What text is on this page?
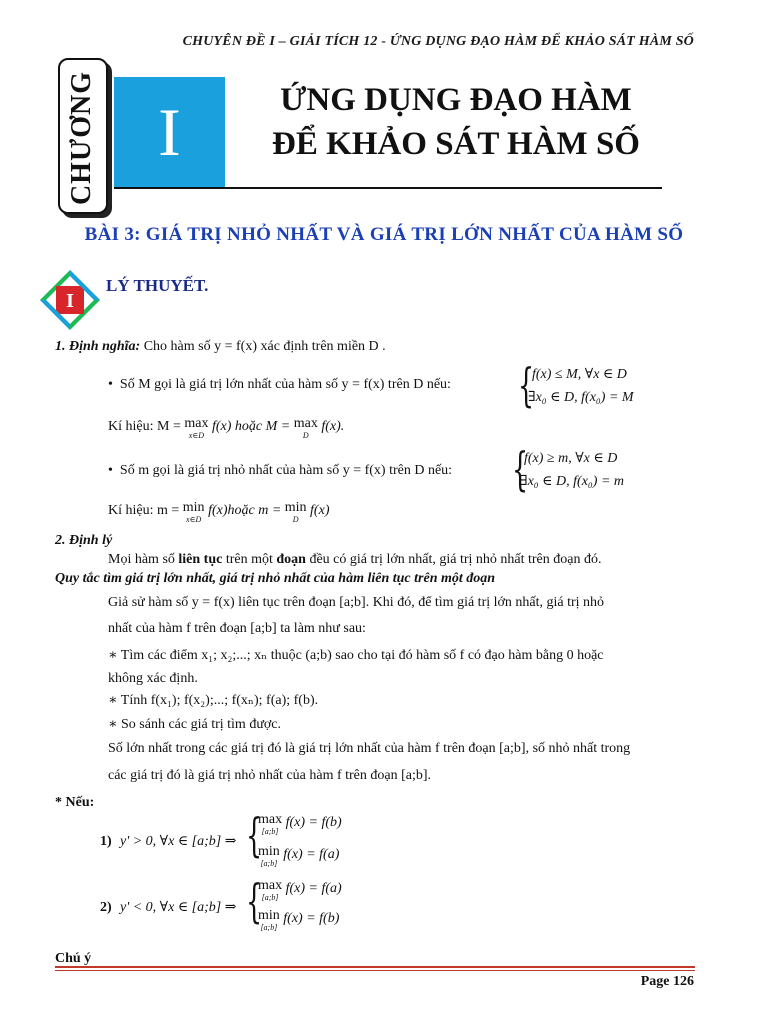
CHUYÊN ĐỀ I – GIẢI TÍCH 12 - ỨNG DỤNG ĐẠO HÀM ĐỂ KHẢO SÁT HÀM SỐ
CHƯƠNG I	ỨNG DỤNG ĐẠO HÀM
ĐỂ KHẢO SÁT HÀM SỐ
BÀI 3: GIÁ TRỊ NHỎ NHẤT VÀ GIÁ TRỊ LỚN NHẤT CỦA HÀM SỐ
I
LÝ THUYẾT.
1. Định nghĩa: Cho hàm số y = f(x) xác định trên miền D .
•  Số M gọi là giá trị lớn nhất của hàm số y = f(x) trên D nếu: {
f(x) ≤ M, ∀x ∈ D
∃x₀ ∈ D, f(x₀) = M
Kí hiệu: M = max
x∈D
f(x) hoặc M = max
D
f(x).
•  Số m gọi là giá trị nhỏ nhất của hàm số y = f(x) trên D nếu: {
f(x) ≥ m, ∀x ∈ D
∃x₀ ∈ D, f(x₀) = m
Kí hiệu: m = min
x∈D
f(x)hoặc m = min
D
f(x)
2. Định lý
Mọi hàm số liên tục trên một đoạn đều có giá trị lớn nhất, giá trị nhỏ nhất trên đoạn đó.
Quy tắc tìm giá trị lớn nhất, giá trị nhỏ nhất của hàm liên tục trên một đoạn
Giả sử hàm số y = f(x) liên tục trên đoạn [a;b]. Khi đó, để tìm giá trị lớn nhất, giá trị nhỏ
nhất của hàm f trên đoạn [a;b] ta làm như sau:
∗ Tìm các điểm x₁; x₂;...; xₙ thuộc (a;b) sao cho tại đó hàm số f có đạo hàm bằng 0 hoặc
không xác định.
∗ Tính f(x₁); f(x₂);...; f(xₙ); f(a); f(b).
∗ So sánh các giá trị tìm được.
Số lớn nhất trong các giá trị đó là giá trị lớn nhất của hàm f trên đoạn [a;b], số nhỏ nhất trong
các giá trị đó là giá trị nhỏ nhất của hàm f trên đoạn [a;b].
* Nếu:
1) y' > 0, ∀x ∈ [a;b] ⇒ {
max
[a;b]
f(x) = f(b)
min
[a;b]
f(x) = f(a)
2) y' < 0, ∀x ∈ [a;b] ⇒ {
max
[a;b]
f(x) = f(a)
min
[a;b]
f(x) = f(b)
Chú ý
Page 126
